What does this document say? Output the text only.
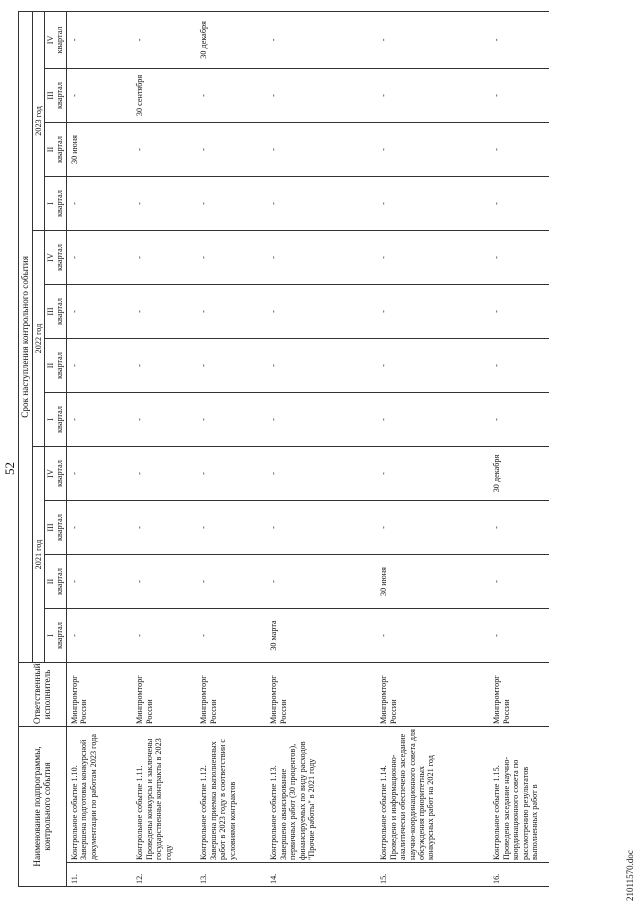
52
Наименование подпрограммы, контрольного события		Ответственный исполнитель	Срок наступления контрольного события											
			2021 год				2022 год				2023 год			

			I квартал	II квартал	III квартал	IV квартал	I квартал	II квартал	III квартал	IV квартал	I квартал	II квартал	III квартал	IV квартал

11.	Контрольное событие 1.10. Завершена подготовка конкурсной документации по работам 2023 года	Минпромторг России	-	-	-	-	-	-	-	-	-	30 июня	-	-
12.	Контрольное событие 1.11. Проведены конкурсы и заключены государственные контракты в 2023 году	Минпромторг России	-	-	-	-	-	-	-	-	-	-	30 сентября	-
13.	Контрольное событие 1.12. Завершена приемка выполненных работ в 2023 году в соответствии с условиями контрактов	Минпромторг России	-	-	-	-	-	-	-	-	-	-	-	30 декабря
14.	Контрольное событие 1.13. Завершено авансирование первичных работ (30 процентов), финансируемых по виду расходов "Прочие работы" в 2021 году	Минпромторг России	30 марта	-	-	-	-	-	-	-	-	-	-	-
15.	Контрольное событие 1.14. Проведено и информационно-аналитически обеспечено заседание научно-координационного совета для обсуждения приоритетных конкурсных работ на 2021 год	Минпромторг России	-	30 июня	-	-	-	-	-	-	-	-	-	-
16.	Контрольное событие 1.15. Проведено заседание научно-координационного совета по рассмотрению результатов выполненных работ в	Минпромторг России	-	-	-	30 декабря	-	-	-	-	-	-	-	-
21011570.doc
